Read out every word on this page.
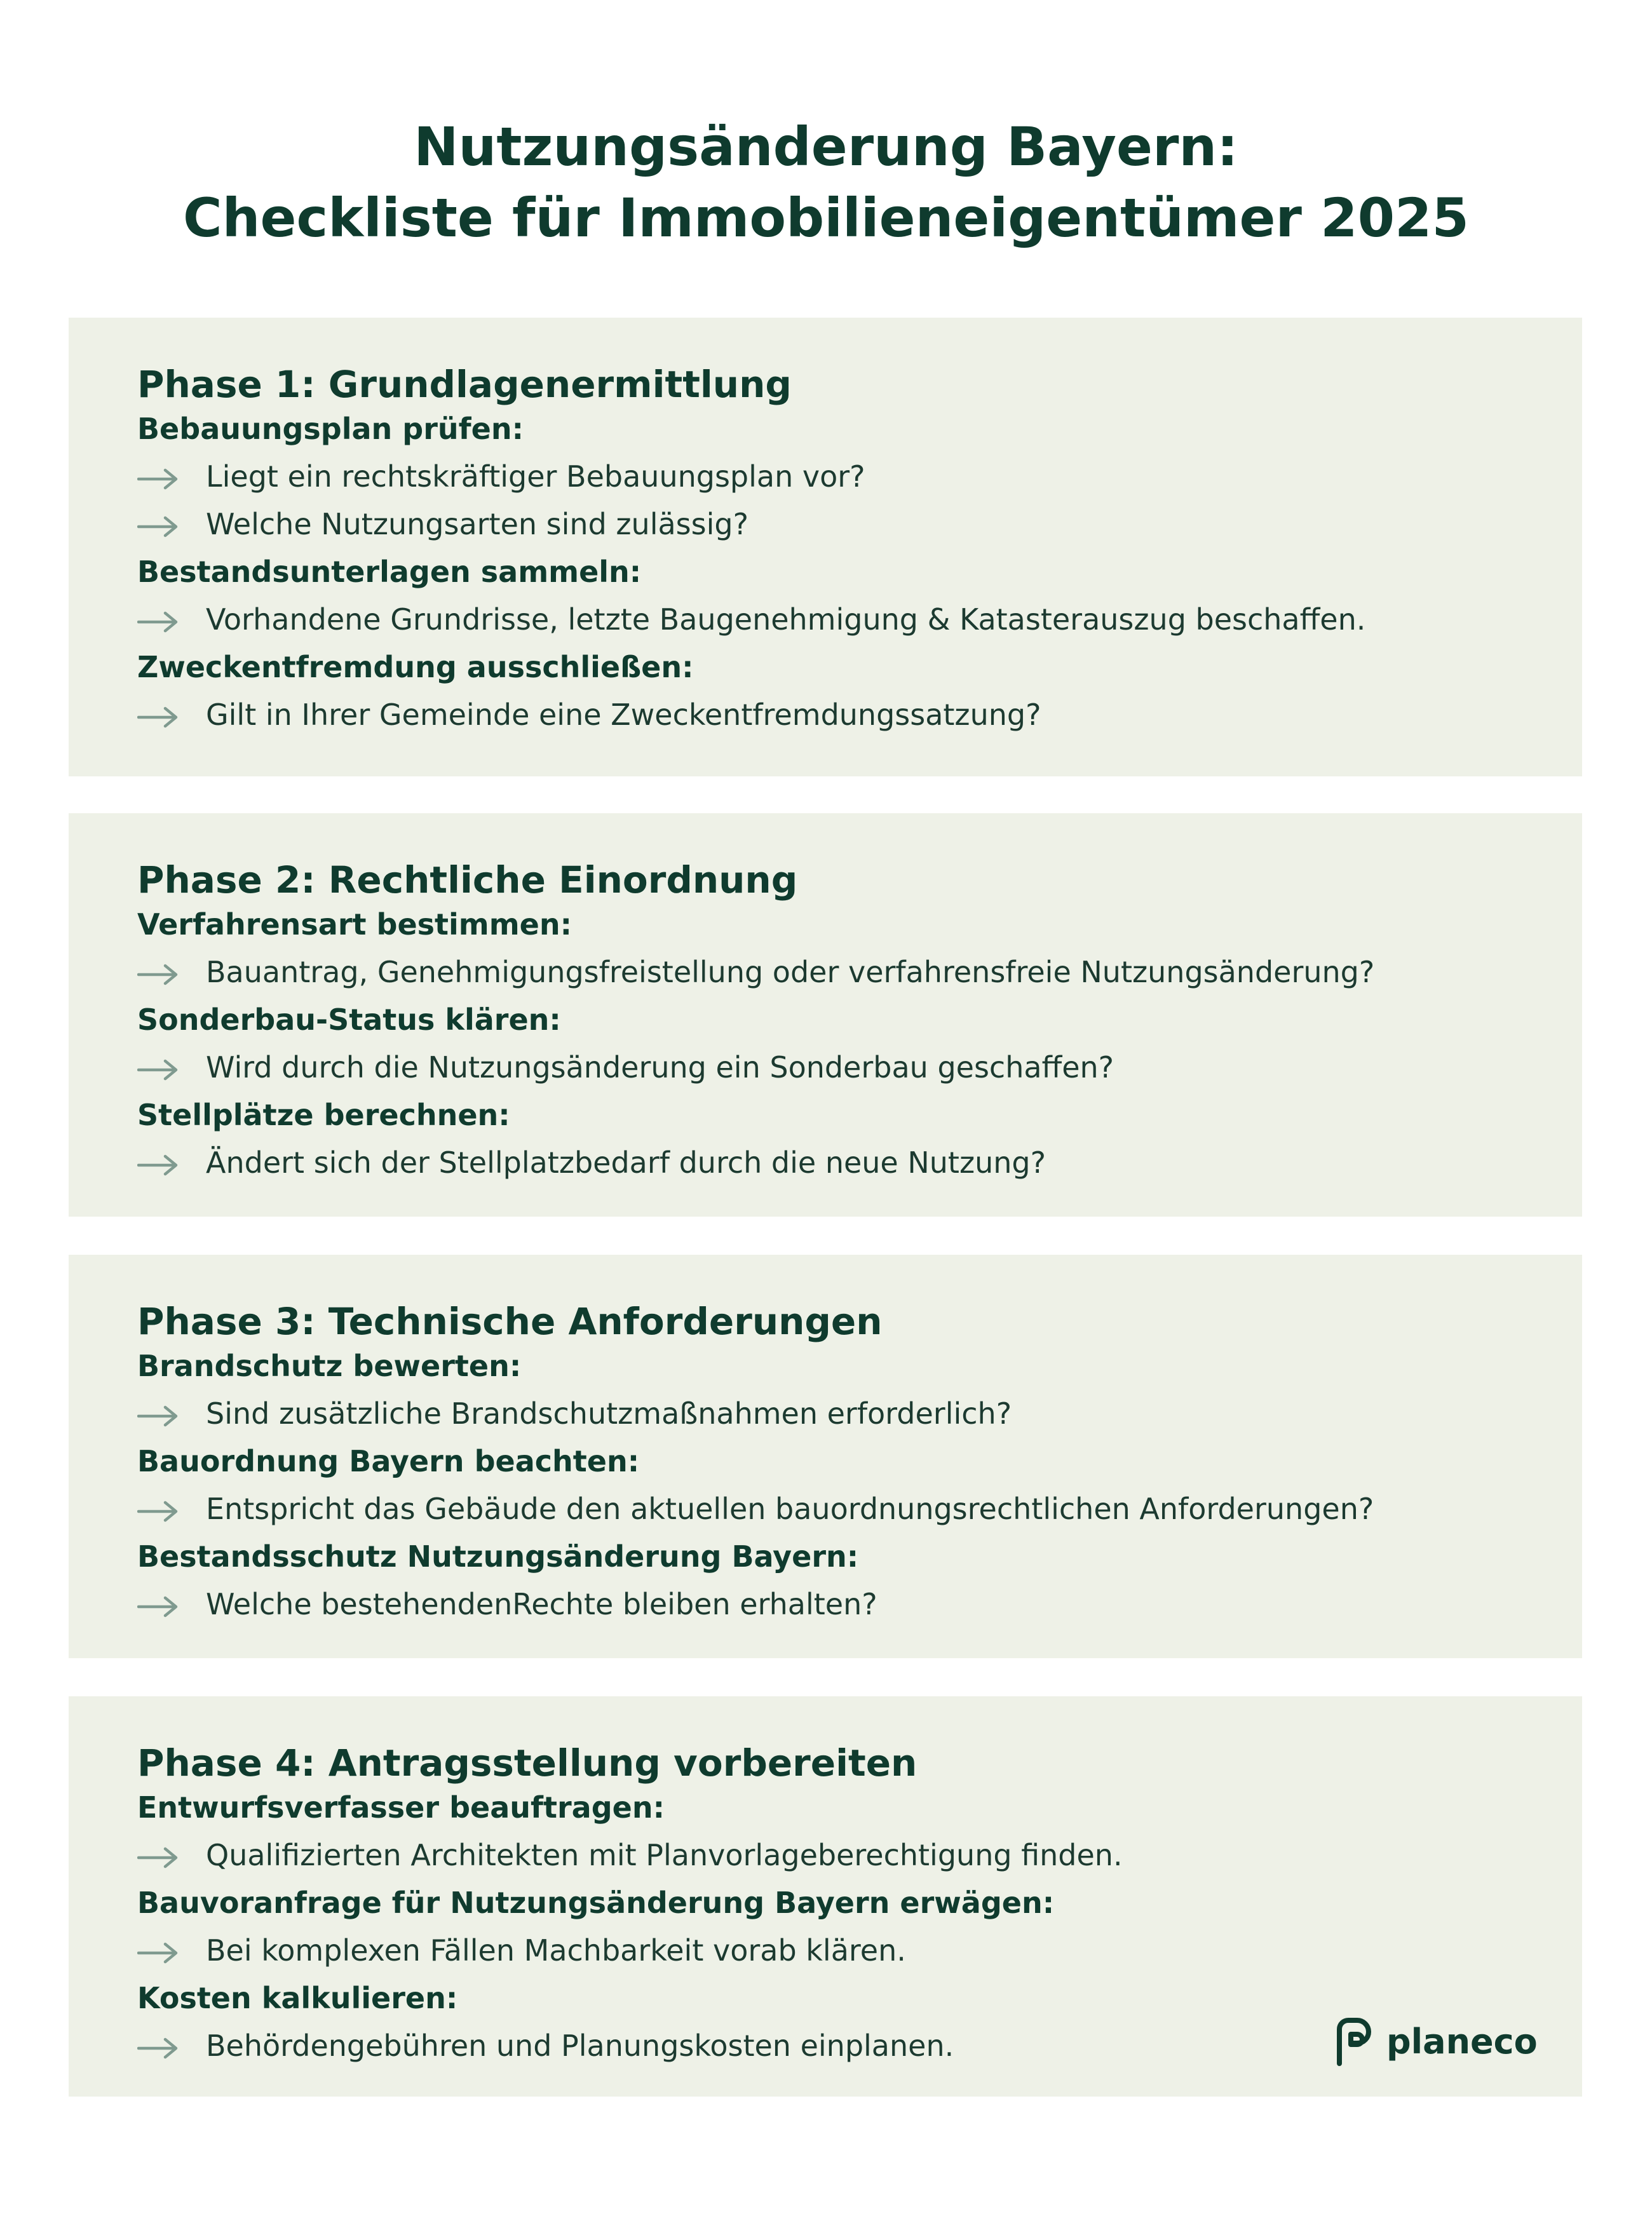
Nutzungsänderung Bayern:
Checkliste für Immobilieneigentümer 2025
Phase 1: Grundlagenermittlung
Bebauungsplan prüfen:
Liegt ein rechtskräftiger Bebauungsplan vor?
Welche Nutzungsarten sind zulässig?
Bestandsunterlagen sammeln:
Vorhandene Grundrisse, letzte Baugenehmigung & Katasterauszug beschaffen.
Zweckentfremdung ausschließen:
Gilt in Ihrer Gemeinde eine Zweckentfremdungssatzung?
Phase 2: Rechtliche Einordnung
Verfahrensart bestimmen:
Bauantrag, Genehmigungsfreistellung oder verfahrensfreie Nutzungsänderung?
Sonderbau-Status klären:
Wird durch die Nutzungsänderung ein Sonderbau geschaffen?
Stellplätze berechnen:
Ändert sich der Stellplatzbedarf durch die neue Nutzung?
Phase 3: Technische Anforderungen
Brandschutz bewerten:
Sind zusätzliche Brandschutzmaßnahmen erforderlich?
Bauordnung Bayern beachten:
Entspricht das Gebäude den aktuellen bauordnungsrechtlichen Anforderungen?
Bestandsschutz Nutzungsänderung Bayern:
Welche bestehendenRechte bleiben erhalten?
Phase 4: Antragsstellung vorbereiten
Entwurfsverfasser beauftragen:
Qualifizierten Architekten mit Planvorlageberechtigung finden.
Bauvoranfrage für Nutzungsänderung Bayern erwägen:
Bei komplexen Fällen Machbarkeit vorab klären.
Kosten kalkulieren:
Behördengebühren und Planungskosten einplanen.	planeco
